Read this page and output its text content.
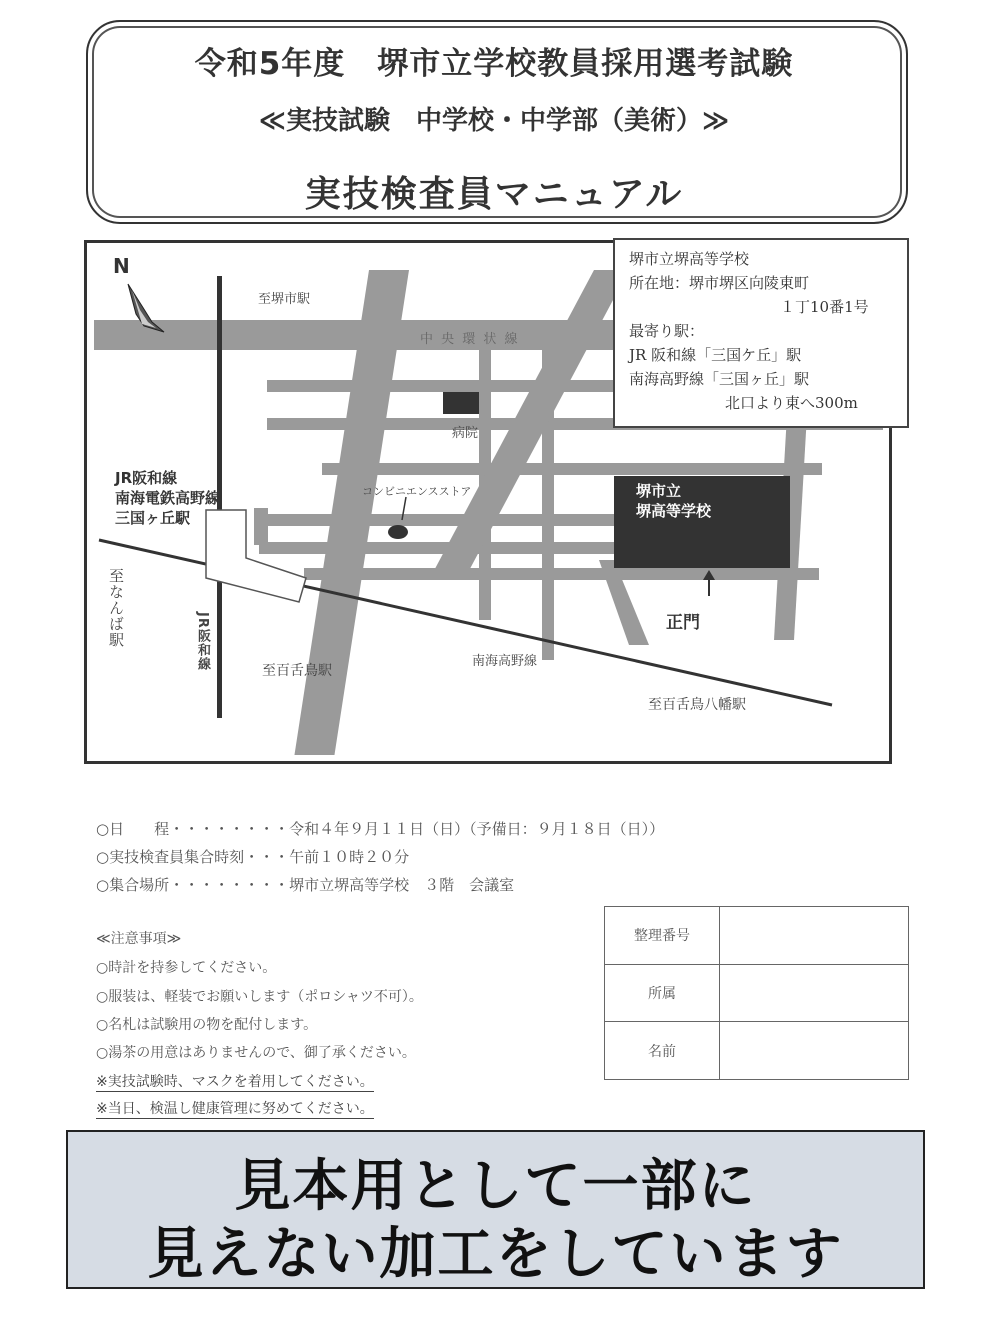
令和5年度　堺市立学校教員採用選考試験
≪実技試験　中学校・中学部（美術）≫
実技検査員マニュアル
至堺市駅
中 央 環 状 線
病院
コンビニエンスストア
JR阪和線
南海電鉄高野線
三国ヶ丘駅
至なんば駅	JR阪和線
至百舌鳥駅
南海高野線
至百舌鳥八幡駅
正門
堺市立
堺高等学校
N	堺市立堺高等学校
所在地：堺市堺区向陵東町
１丁10番1号
最寄り駅：
JR 阪和線「三国ケ丘」駅
南海高野線「三国ヶ丘」駅
北口より東へ300m
○日　　程・・・・・・・・令和４年９月１１日（日）（予備日：９月１８日（日））
○実技検査員集合時刻・・・午前１０時２０分
○集合場所・・・・・・・・堺市立堺高等学校　３階　会議室
≪注意事項≫
○時計を持参してください。
○服装は、軽装でお願いします（ポロシャツ不可）。
○名札は試験用の物を配付します。
○湯茶の用意はありませんので、御了承ください。
※実技試験時、マスクを着用してください。
※当日、検温し健康管理に努めてください。
整理番号	
所属	
名前	
見本用として一部に
見えない加工をしています
